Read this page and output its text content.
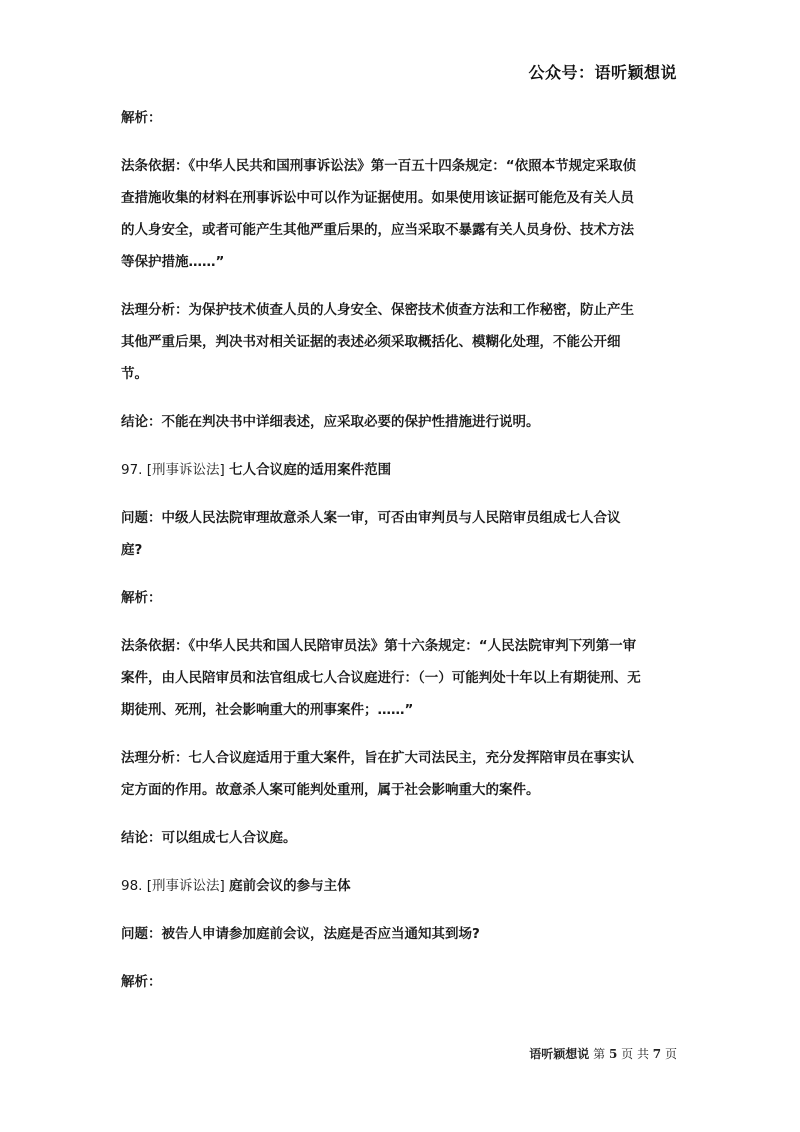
公众号：语听颖想说

解析：

法条依据：《中华人民共和国刑事诉讼法》第一百五十四条规定：“依照本节规定采取侦查措施收集的材料在刑事诉讼中可以作为证据使用。如果使用该证据可能危及有关人员的人身安全，或者可能产生其他严重后果的，应当采取不暴露有关人员身份、技术方法等保护措施……”

法理分析：为保护技术侦查人员的人身安全、保密技术侦查方法和工作秘密，防止产生其他严重后果，判决书对相关证据的表述必须采取概括化、模糊化处理，不能公开细节。

结论：不能在判决书中详细表述，应采取必要的保护性措施进行说明。

97. [刑事诉讼法] 七人合议庭的适用案件范围

问题：中级人民法院审理故意杀人案一审，可否由审判员与人民陪审员组成七人合议庭?

解析：

法条依据：《中华人民共和国人民陪审员法》第十六条规定：“人民法院审判下列第一审案件，由人民陪审员和法官组成七人合议庭进行：（一）可能判处十年以上有期徒刑、无期徒刑、死刑，社会影响重大的刑事案件；……”

法理分析：七人合议庭适用于重大案件，旨在扩大司法民主，充分发挥陪审员在事实认定方面的作用。故意杀人案可能判处重刑，属于社会影响重大的案件。

结论：可以组成七人合议庭。

98. [刑事诉讼法] 庭前会议的参与主体

问题：被告人申请参加庭前会议，法庭是否应当通知其到场?

解析：

语听颖想说 第 5 页 共 7 页
